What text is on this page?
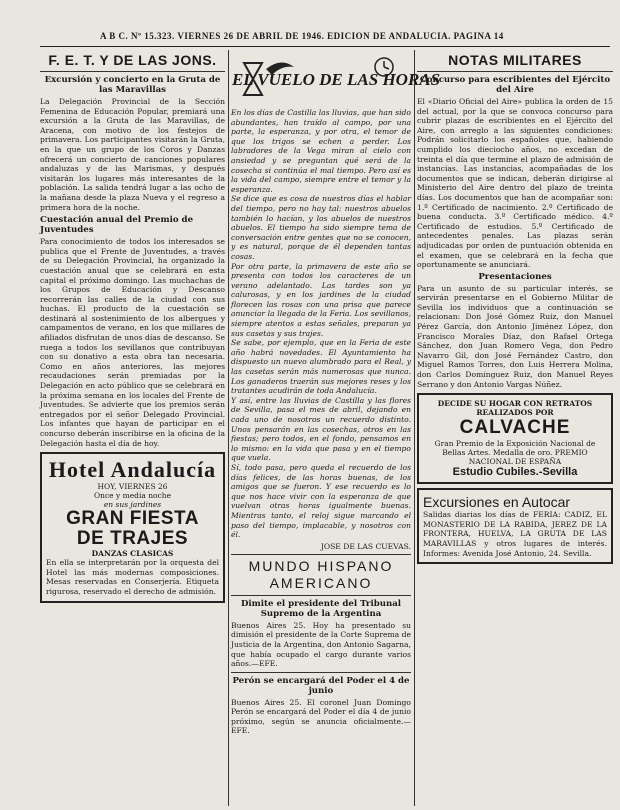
A B C. Nº 15.323. VIERNES 26 DE ABRIL DE 1946. EDICION DE ANDALUCIA. PAGINA 14
F. E. T. Y DE LAS JONS.
Excursión y concierto en la Gruta de las Maravillas

La Delegación Provincial de la Sección Femenina de Educación Popular, premiará una excursión a la Gruta de las Maravillas, de Aracena, con motivo de los festejos de primavera. Los participantes visitarán la Gruta, en la que un grupo de los Coros y Danzas ofrecerá un concierto de canciones populares andaluzas y de las Marismas, y después visitarán los lugares más interesantes de la población. La salida tendrá lugar a las ocho de la mañana desde la plaza Nueva y el regreso a primera hora de la noche.

Cuestación anual del Premio de Juventudes

Para conocimiento de todos los interesados se publica que el Frente de Juventudes, a través de su Delegación Provincial, ha organizado la cuestación anual que se celebrará en esta capital el próximo domingo. Las muchachas de los Grupos de Educación y Descanso recorrerán las calles de la ciudad con sus huchas. El producto de la cuestación se destinará al sostenimiento de los albergues y campamentos de verano, en los que millares de afiliados disfrutan de unos días de descanso. Se ruega a todos los sevillanos que contribuyan con su donativo a esta obra tan necesaria. Como en años anteriores, las mejores recaudaciones serán premiadas por la Delegación en acto público que se celebrará en la próxima semana en los locales del Frente de Juventudes. Se advierte que los premios serán entregados por el señor Delegado Provincial. Los infantes que hayan de participar en el concurso deberán inscribirse en la oficina de la Delegación hasta el día de hoy.

Hotel Andalucía
HOY, VIERNES 26
Once y media noche
en sus jardines
GRAN FIESTA
DE TRAJES
DANZAS CLASICAS

En ella se interpretarán por la orquesta del Hotel las más modernas composiciones. Mesas reservadas en Conserjería. Etiqueta rigurosa, reservado el derecho de admisión.

EL VUELO DE LAS HORAS

En los días de Castilla las lluvias, que han sido abundantes, han traído al campo, por una parte, la esperanza, y por otra, el temor de que los trigos se echen a perder. Los labradores de la Vega miran al cielo con ansiedad y se preguntan qué será de la cosecha si continúa el mal tiempo. Pero así es la vida del campo, siempre entre el temor y la esperanza.

Se dice que es cosa de nuestros días el hablar del tiempo, pero no hay tal: nuestros abuelos también lo hacían, y los abuelos de nuestros abuelos. El tiempo ha sido siempre tema de conversación entre gentes que no se conocen, y es natural, porque de él dependen tantas cosas.

Por otra parte, la primavera de este año se presenta con todos los caracteres de un verano adelantado. Las tardes son ya calurosas, y en los jardines de la ciudad florecen las rosas con una prisa que parece anunciar la llegada de la Feria. Los sevillanos, siempre atentos a estas señales, preparan ya sus casetas y sus trajes.

Se sabe, por ejemplo, que en la Feria de este año habrá novedades. El Ayuntamiento ha dispuesto un nuevo alumbrado para el Real, y las casetas serán más numerosas que nunca. Los ganaderos traerán sus mejores reses y los tratantes acudirán de toda Andalucía.

Y así, entre las lluvias de Castilla y las flores de Sevilla, pasa el mes de abril, dejando en cada uno de nosotros un recuerdo distinto. Unos pensarán en las cosechas, otros en las fiestas; pero todos, en el fondo, pensamos en lo mismo: en la vida que pasa y en el tiempo que vuela.

Sí, todo pasa, pero queda el recuerdo de los días felices, de las horas buenas, de los amigos que se fueron. Y ese recuerdo es lo que nos hace vivir con la esperanza de que vuelvan otras horas igualmente buenas. Mientras tanto, el reloj sigue marcando el paso del tiempo, implacable, y nosotros con él.

JOSE DE LAS CUEVAS.
MUNDO HISPANO
AMERICANO
Dimite el presidente del Tribunal Supremo de la Argentina

Buenos Aires 25. Hoy ha presentado su dimisión el presidente de la Corte Suprema de Justicia de la Argentina, don Antonio Sagarna, que había ocupado el cargo durante varios años.—EFE.

Perón se encargará del Poder el 4 de junio

Buenos Aires 25. El coronel Juan Domingo Perón se encargará del Poder el día 4 de junio próximo, según se anuncia oficialmente.—EFE.

NOTAS MILITARES
Concurso para escribientes del Ejército del Aire

El «Diario Oficial del Aire» publica la orden de 15 del actual, por la que se convoca concurso para cubrir plazas de escribientes en el Ejército del Aire, con arreglo a las siguientes condiciones: Podrán solicitarlo los españoles que, habiendo cumplido los dieciocho años, no excedan de treinta el día que termine el plazo de admisión de instancias. Las instancias, acompañadas de los documentos que se indican, deberán dirigirse al Ministerio del Aire dentro del plazo de treinta días. Los documentos que han de acompañar son: 1.º Certificado de nacimiento. 2.º Certificado de buena conducta. 3.º Certificado médico. 4.º Certificado de estudios. 5.º Certificado de antecedentes penales. Las plazas serán adjudicadas por orden de puntuación obtenida en el examen, que se celebrará en la fecha que oportunamente se anunciará.

Presentaciones

Para un asunto de su particular interés, se servirán presentarse en el Gobierno Militar de Sevilla los individuos que a continuación se relacionan: Don José Gómez Ruiz, don Manuel Pérez García, don Antonio Jiménez López, don Francisco Morales Díaz, don Rafael Ortega Sánchez, don Juan Romero Vega, don Pedro Navarro Gil, don José Fernández Castro, don Miguel Ramos Torres, don Luis Herrera Molina, don Carlos Domínguez Ruiz, don Manuel Reyes Serrano y don Antonio Vargas Núñez.

DECIDE SU HOGAR CON RETRATOS REALIZADOS POR
CALVACHE
Gran Premio de la Exposición Nacional de Bellas Artes. Medalla de oro. PREMIO NACIONAL DE ESPAÑA
Estudio Cubiles.-Sevilla
Excursiones en Autocar

Salidas diarias los días de FERIA: CADIZ, EL MONASTERIO DE LA RABIDA, JEREZ DE LA FRONTERA, HUELVA, LA GRUTA DE LAS MARAVILLAS y otros lugares de interés. Informes: Avenida José Antonio, 24. Sevilla.
